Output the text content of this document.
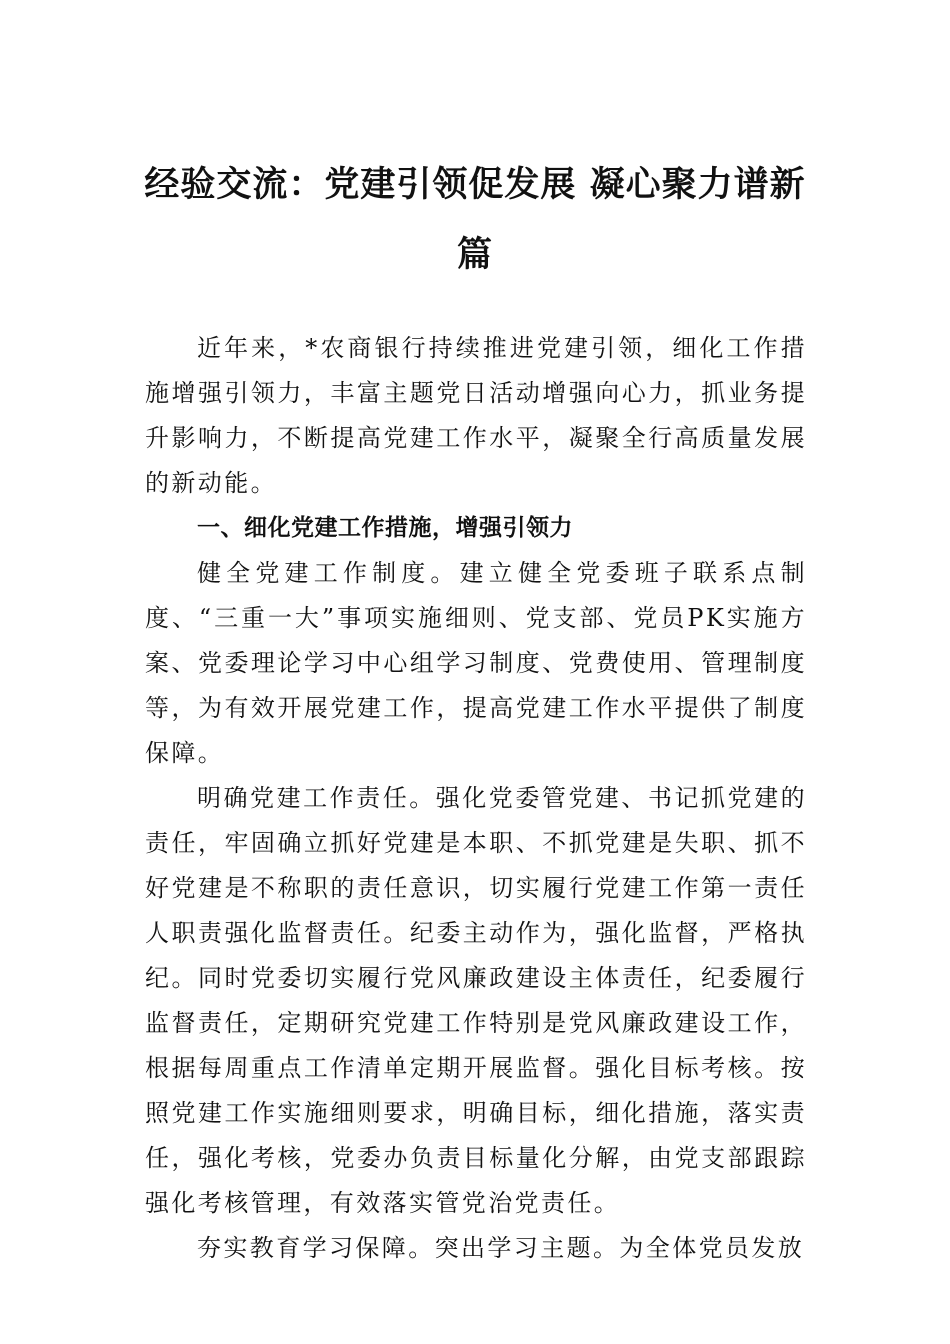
经验交流：党建引领促发展 凝心聚力谱新
篇

近年来，*农商银行持续推进党建引领，细化工作措施增强引领力，丰富主题党日活动增强向心力，抓业务提升影响力，不断提高党建工作水平，凝聚全行高质量发展的新动能。

一、细化党建工作措施，增强引领力

健全党建工作制度。建立健全党委班子联系点制度、“三重一大”事项实施细则、党支部、党员PK实施方案、党委理论学习中心组学习制度、党费使用、管理制度等，为有效开展党建工作，提高党建工作水平提供了制度保障。

明确党建工作责任。强化党委管党建、书记抓党建的责任，牢固确立抓好党建是本职、不抓党建是失职、抓不好党建是不称职的责任意识，切实履行党建工作第一责任人职责强化监督责任。纪委主动作为，强化监督，严格执纪。同时党委切实履行党风廉政建设主体责任，纪委履行监督责任，定期研究党建工作特别是党风廉政建设工作，根据每周重点工作清单定期开展监督。强化目标考核。按照党建工作实施细则要求，明确目标，细化措施，落实责任，强化考核，党委办负责目标量化分解，由党支部跟踪强化考核管理，有效落实管党治党责任。

夯实教育学习保障。突出学习主题。为全体党员发放
